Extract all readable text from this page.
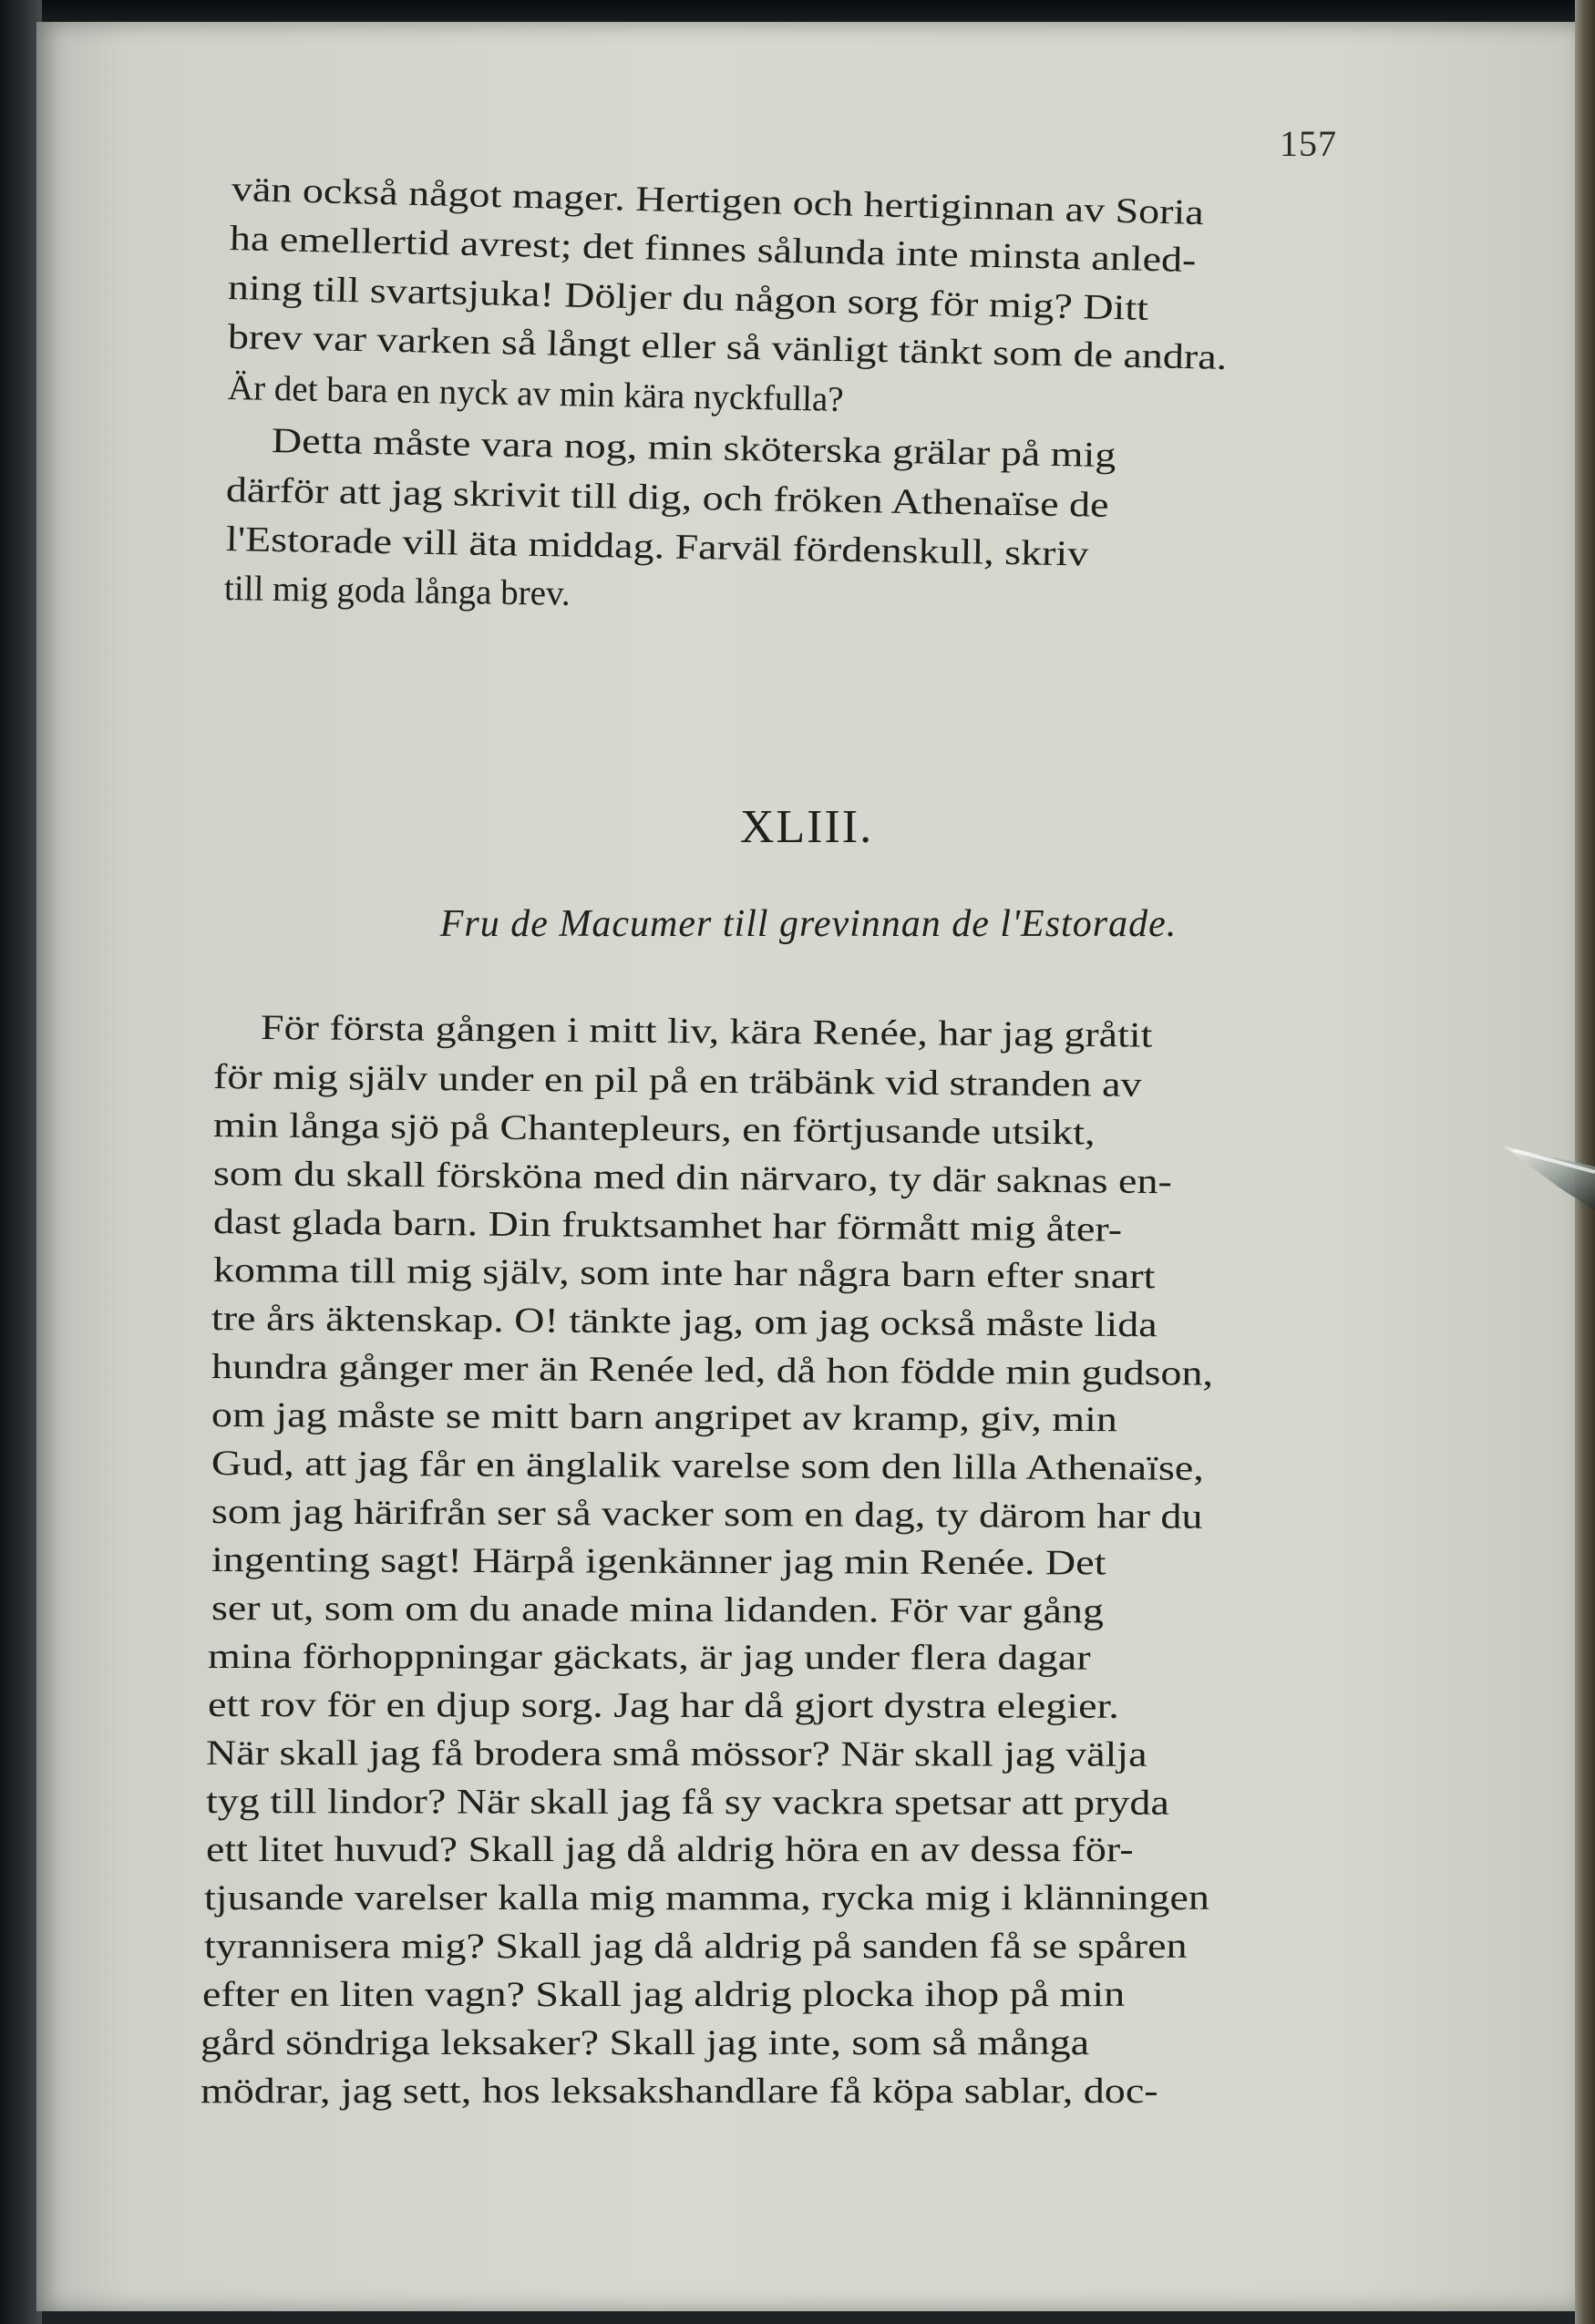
157
vän också något mager. Hertigen och hertiginnan av Soria
ha emellertid avrest; det finnes sålunda inte minsta anled-
ning till svartsjuka! Döljer du någon sorg för mig? Ditt
brev var varken så långt eller så vänligt tänkt som de andra.
Är det bara en nyck av min kära nyckfulla?
Detta måste vara nog, min sköterska grälar på mig
därför att jag skrivit till dig, och fröken Athenaïse de
l'Estorade vill äta middag. Farväl fördenskull, skriv
till mig goda långa brev.
XLIII.
Fru de Macumer till grevinnan de l'Estorade.
För första gången i mitt liv, kära Renée, har jag gråtit
för mig själv under en pil på en träbänk vid stranden av
min långa sjö på Chantepleurs, en förtjusande utsikt,
som du skall försköna med din närvaro, ty där saknas en-
dast glada barn. Din fruktsamhet har förmått mig åter-
komma till mig själv, som inte har några barn efter snart
tre års äktenskap. O! tänkte jag, om jag också måste lida
hundra gånger mer än Renée led, då hon födde min gudson,
om jag måste se mitt barn angripet av kramp, giv, min
Gud, att jag får en änglalik varelse som den lilla Athenaïse,
som jag härifrån ser så vacker som en dag, ty därom har du
ingenting sagt! Härpå igenkänner jag min Renée. Det
ser ut, som om du anade mina lidanden. För var gång
mina förhoppningar gäckats, är jag under flera dagar
ett rov för en djup sorg. Jag har då gjort dystra elegier.
När skall jag få brodera små mössor? När skall jag välja
tyg till lindor? När skall jag få sy vackra spetsar att pryda
ett litet huvud? Skall jag då aldrig höra en av dessa för-
tjusande varelser kalla mig mamma, rycka mig i klänningen
tyrannisera mig? Skall jag då aldrig på sanden få se spåren
efter en liten vagn? Skall jag aldrig plocka ihop på min
gård söndriga leksaker? Skall jag inte, som så många
mödrar, jag sett, hos leksakshandlare få köpa sablar, doc-
